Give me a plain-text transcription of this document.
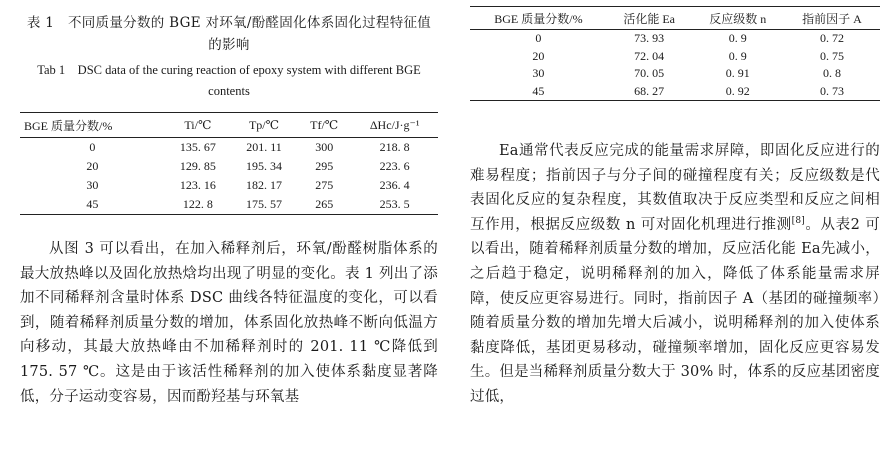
表 1　不同质量分数的 BGE 对环氧/酚醛固化体系固化过程特征值的影响
Tab 1　DSC data of the curing reaction of epoxy system with different BGE contents
BGE 质量分数/%	Ti/℃	Tp/℃	Tf/℃	ΔHc/J·g⁻¹
0	135. 67	201. 11	300	218. 8
20	129. 85	195. 34	295	223. 6
30	123. 16	182. 17	275	236. 4
45	122. 8	175. 57	265	253. 5

从图 3 可以看出，在加入稀释剂后，环氧/酚醛树脂体系的最大放热峰以及固化放热焓均出现了明显的变化。表 1 列出了添加不同稀释剂含量时体系 DSC 曲线各特征温度的变化，可以看到，随着稀释剂质量分数的增加，体系固化放热峰不断向低温方向移动，其最大放热峰由不加稀释剂时的 201. 11 ℃降低到 175. 57 ℃。这是由于该活性稀释剂的加入使体系黏度显著降低，分子运动变容易，因而酚羟基与环氧基

BGE 质量分数/%	活化能 Ea	反应级数 n	指前因子 A
0	73. 93	0. 9	0. 72
20	72. 04	0. 9	0. 75
30	70. 05	0. 91	0. 8
45	68. 27	0. 92	0. 73

Ea通常代表反应完成的能量需求屏障，即固化反应进行的难易程度；指前因子与分子间的碰撞程度有关；反应级数是代表固化反应的复杂程度，其数值取决于反应类型和反应之间相互作用，根据反应级数 n 可对固化机理进行推测[8]。从表2 可以看出，随着稀释剂质量分数的增加，反应活化能 Ea先减小，之后趋于稳定，说明稀释剂的加入，降低了体系能量需求屏障，使反应更容易进行。同时，指前因子 A（基团的碰撞频率）随着质量分数的增加先增大后减小，说明稀释剂的加入使体系黏度降低，基团更易移动，碰撞频率增加，固化反应更容易发生。但是当稀释剂质量分数大于 30% 时，体系的反应基团密度过低，
